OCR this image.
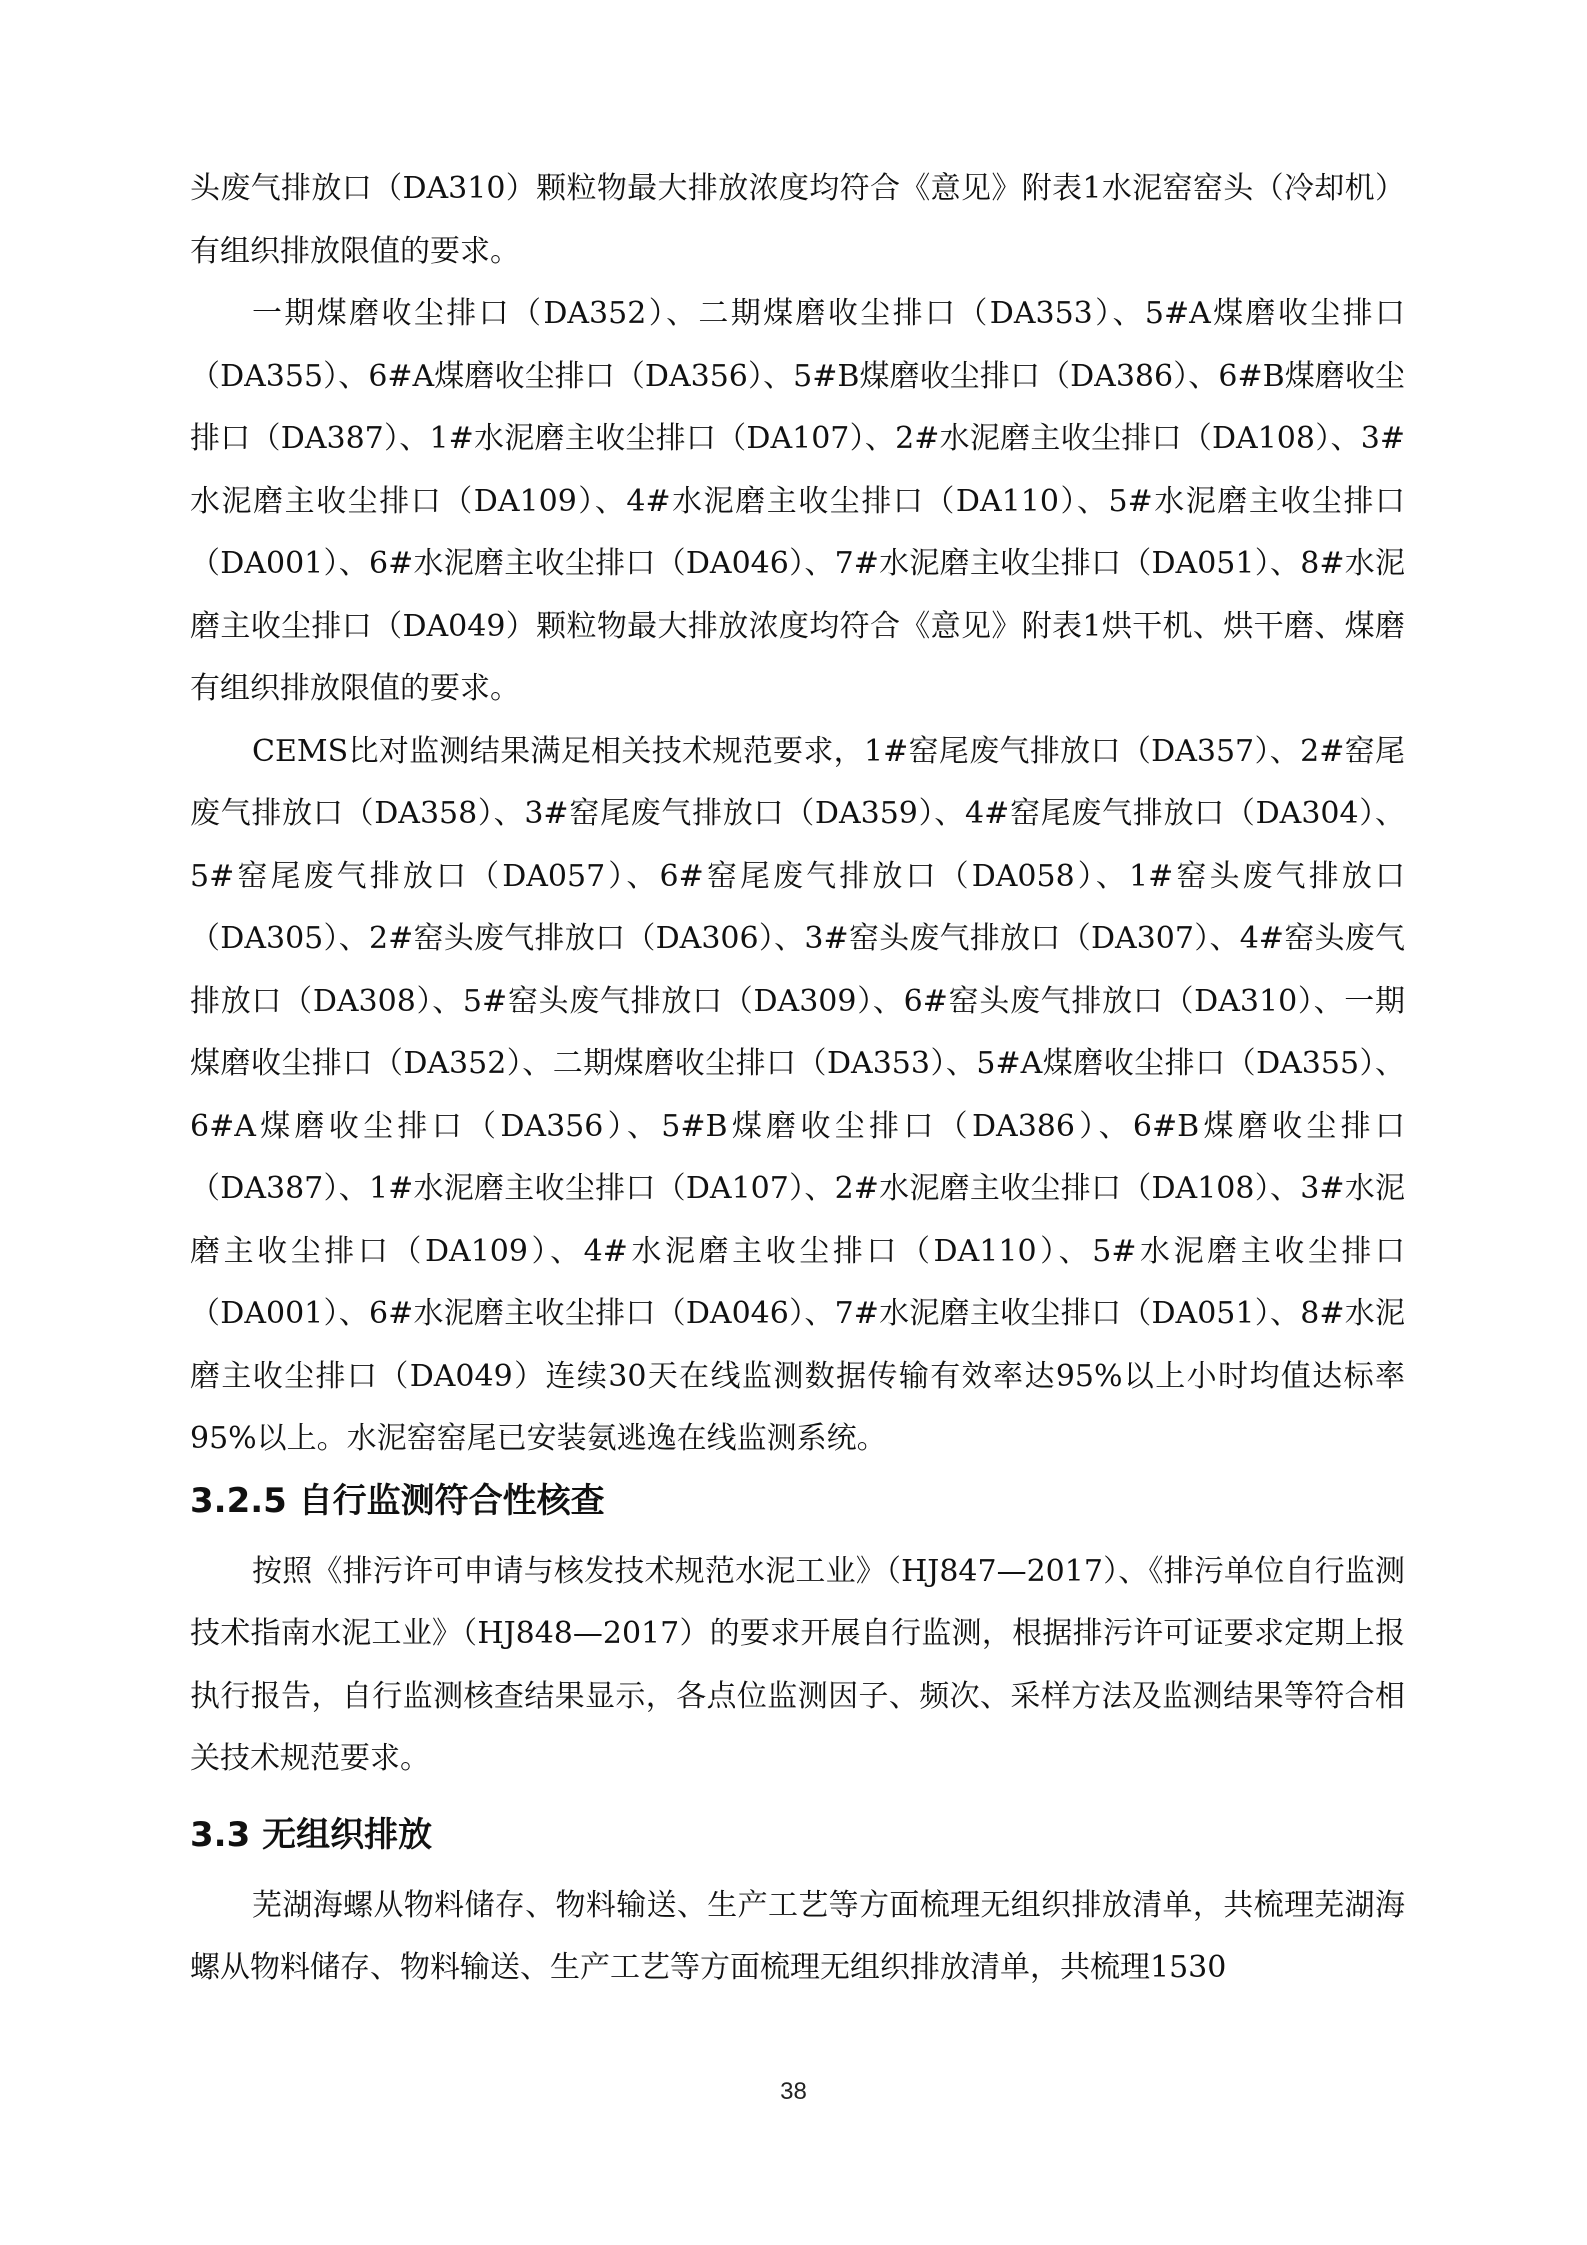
头废气排放口（DA310）颗粒物最大排放浓度均符合《意见》附表1水泥窑窑头（冷却机）有组织排放限值的要求。

一期煤磨收尘排口（DA352）、二期煤磨收尘排口（DA353）、5#A煤磨收尘排口（DA355）、6#A煤磨收尘排口（DA356）、5#B煤磨收尘排口（DA386）、6#B煤磨收尘排口（DA387）、1#水泥磨主收尘排口（DA107）、2#水泥磨主收尘排口（DA108）、3#水泥磨主收尘排口（DA109）、4#水泥磨主收尘排口（DA110）、5#水泥磨主收尘排口（DA001）、6#水泥磨主收尘排口（DA046）、7#水泥磨主收尘排口（DA051）、8#水泥磨主收尘排口（DA049）颗粒物最大排放浓度均符合《意见》附表1烘干机、烘干磨、煤磨有组织排放限值的要求。

CEMS比对监测结果满足相关技术规范要求，1#窑尾废气排放口（DA357）、2#窑尾废气排放口（DA358）、3#窑尾废气排放口（DA359）、4#窑尾废气排放口（DA304）、5#窑尾废气排放口（DA057）、6#窑尾废气排放口（DA058）、1#窑头废气排放口（DA305）、2#窑头废气排放口（DA306）、3#窑头废气排放口（DA307）、4#窑头废气排放口（DA308）、5#窑头废气排放口（DA309）、6#窑头废气排放口（DA310）、一期煤磨收尘排口（DA352）、二期煤磨收尘排口（DA353）、5#A煤磨收尘排口（DA355）、6#A煤磨收尘排口（DA356）、5#B煤磨收尘排口（DA386）、6#B煤磨收尘排口（DA387）、1#水泥磨主收尘排口（DA107）、2#水泥磨主收尘排口（DA108）、3#水泥磨主收尘排口（DA109）、4#水泥磨主收尘排口（DA110）、5#水泥磨主收尘排口（DA001）、6#水泥磨主收尘排口（DA046）、7#水泥磨主收尘排口（DA051）、8#水泥磨主收尘排口（DA049）连续30天在线监测数据传输有效率达95%以上小时均值达标率95%以上。水泥窑窑尾已安装氨逃逸在线监测系统。

3.2.5 自行监测符合性核查

按照《排污许可申请与核发技术规范水泥工业》（HJ847—2017）、《排污单位自行监测技术指南水泥工业》（HJ848—2017）的要求开展自行监测，根据排污许可证要求定期上报执行报告，自行监测核查结果显示，各点位监测因子、频次、采样方法及监测结果等符合相关技术规范要求。

3.3 无组织排放

芜湖海螺从物料储存、物料输送、生产工艺等方面梳理无组织排放清单，共梳理芜湖海螺从物料储存、物料输送、生产工艺等方面梳理无组织排放清单，共梳理1530

38
